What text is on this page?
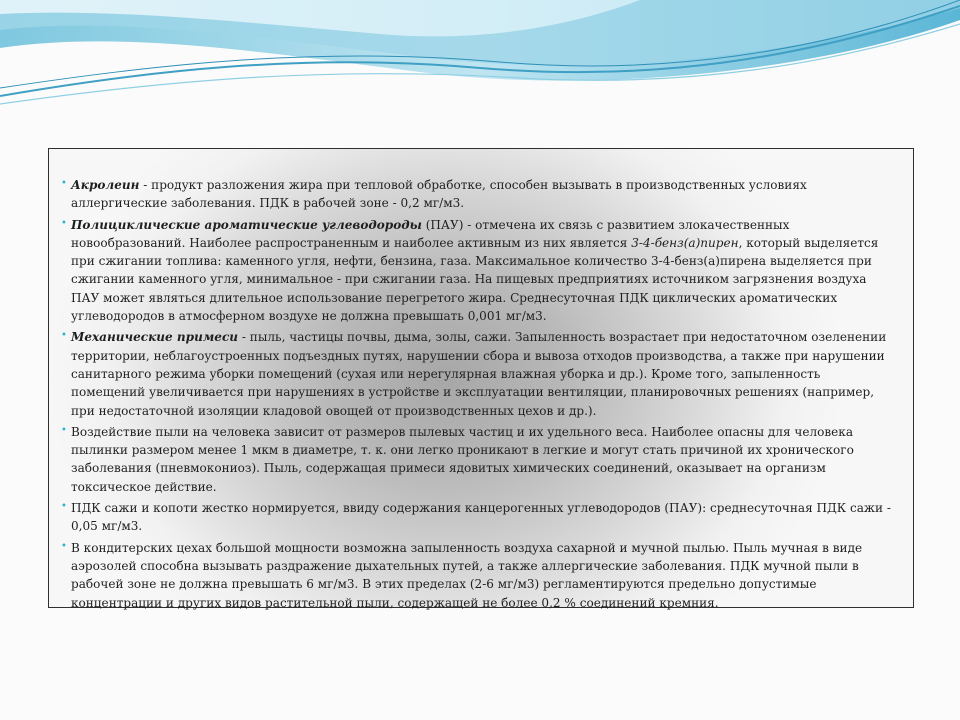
• Акролеин - продукт разложения жира при тепловой обработке, способен вызывать в производственных условиях аллергические заболевания. ПДК в рабочей зоне - 0,2 мг/м3.
• Полициклические ароматические углеводороды (ПАУ) - отмечена их связь с развитием злокачественных новообразований. Наиболее распространенным и наиболее активным из них является 3-4-бенз(а)пирен, который выделяется при сжигании топлива: каменного угля, нефти, бензина, газа. Максимальное количество 3-4-бенз(а)пирена выделяется при сжигании каменного угля, минимальное - при сжигании газа. На пищевых предприятиях источником загрязнения воздуха ПАУ может являться длительное использование перегретого жира. Среднесуточная ПДК циклических ароматических углеводородов в атмосферном воздухе не должна превышать 0,001 мг/м3.
• Механические примеси - пыль, частицы почвы, дыма, золы, сажи. Запыленность возрастает при недостаточном озеленении территории, неблагоустроенных подъездных путях, нарушении сбора и вывоза отходов производства, а также при нарушении санитарного режима уборки помещений (сухая или нерегулярная влажная уборка и др.). Кроме того, запыленность помещений увеличивается при нарушениях в устройстве и эксплуатации вентиляции, планировочных решениях (например, при недостаточной изоляции кладовой овощей от производственных цехов и др.).
• Воздействие пыли на человека зависит от размеров пылевых частиц и их удельного веса. Наиболее опасны для человека пылинки размером менее 1 мкм в диаметре, т. к. они легко проникают в легкие и могут стать причиной их хронического заболевания (пневмокониоз). Пыль, содержащая примеси ядовитых химических соединений, оказывает на организм токсическое действие.
• ПДК сажи и копоти жестко нормируется, ввиду содержания канцерогенных углеводородов (ПАУ): среднесуточная ПДК сажи - 0,05 мг/м3.
• В кондитерских цехах большой мощности возможна запыленность воздуха сахарной и мучной пылью. Пыль мучная в виде аэрозолей способна вызывать раздражение дыхательных путей, а также аллергические заболевания. ПДК мучной пыли в рабочей зоне не должна превышать 6 мг/м3. В этих пределах (2-6 мг/м3) регламентируются предельно допустимые концентрации и других видов растительной пыли, содержащей не более 0,2 % соединений кремния.
